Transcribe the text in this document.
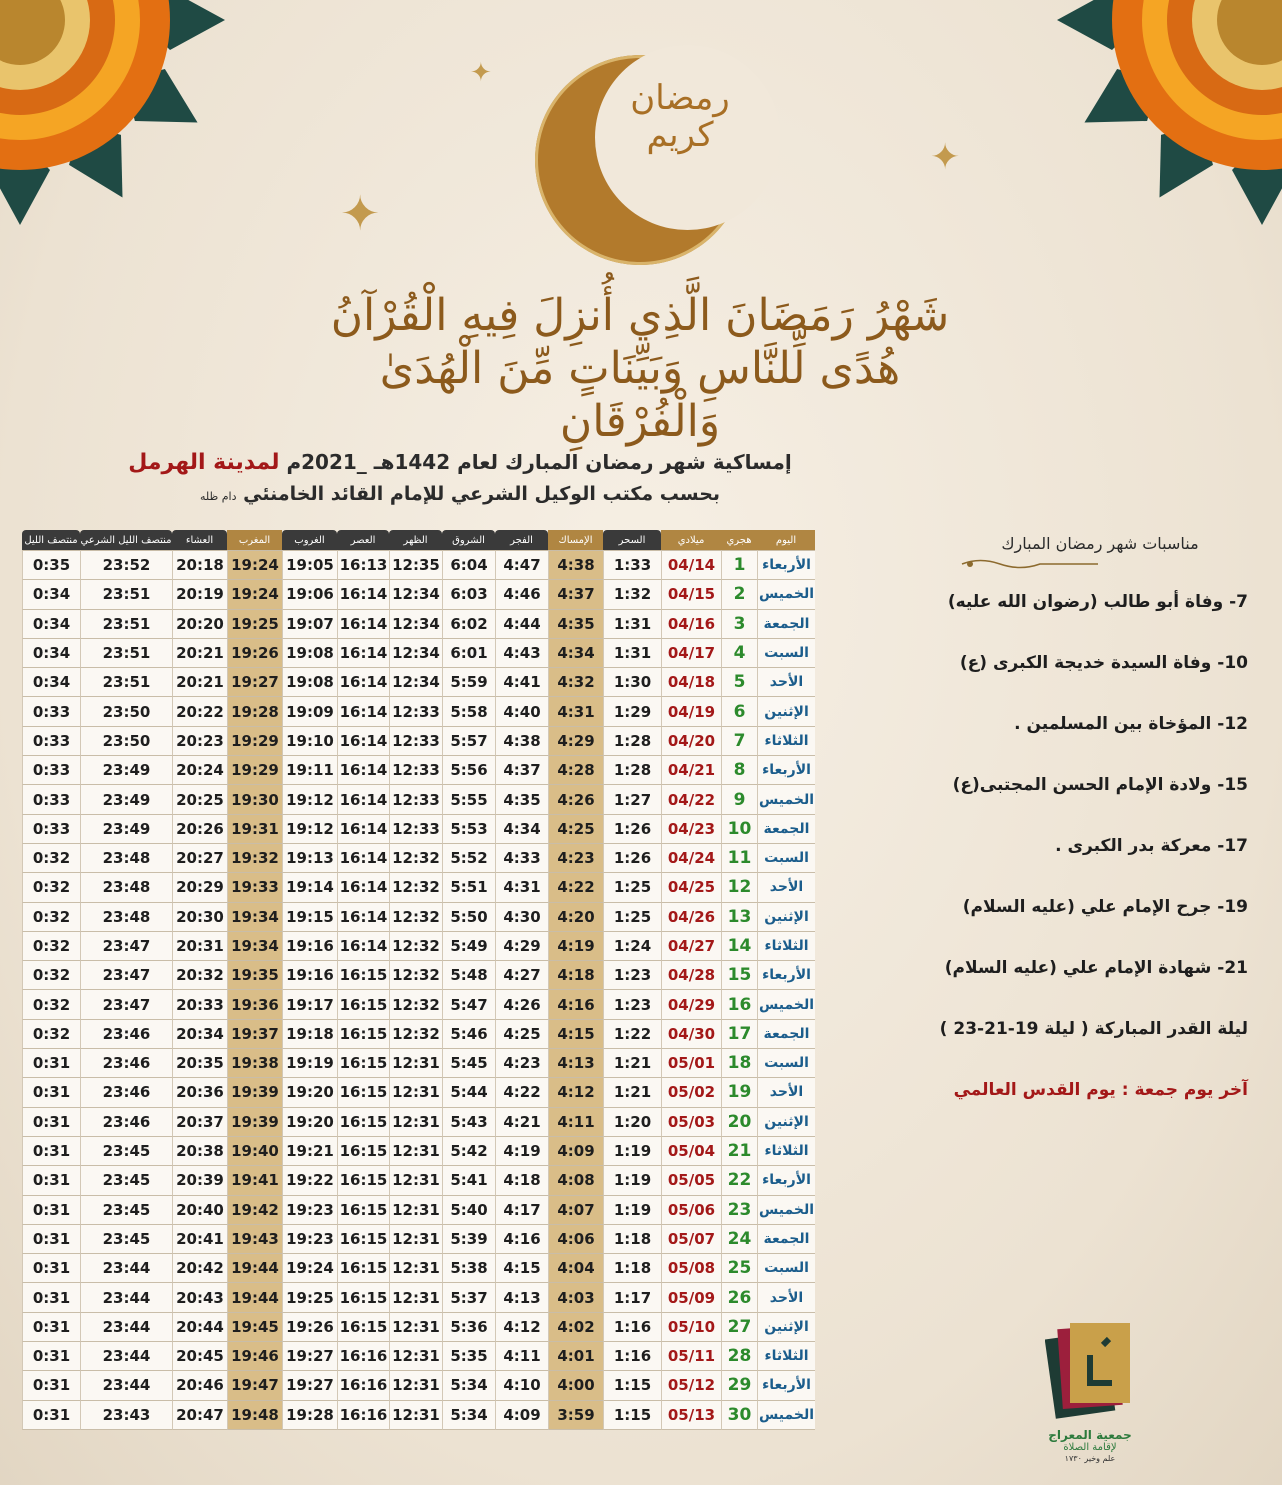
رمضان كريم
✦
✦
✦
شَهْرُ رَمَضَانَ الَّذِي أُنزِلَ فِيهِ الْقُرْآنُ هُدًى لِّلنَّاسِ وَبَيِّنَاتٍ مِّنَ الْهُدَىٰ وَالْفُرْقَانِ
إمساكية شهر رمضان المبارك لعام 1442هـ _2021م لمدينة الهرمل
بحسب مكتب الوكيل الشرعي للإمام القائد الخامنئي دام ظله
اليوم	هجري	ميلادي	السحر	الإمساك	الفجر	الشروق	الظهر	العصر	الغروب	المغرب	العشاء	منتصف الليل الشرعي	منتصف الليل
الأربعاء	1	04/14	1:33	4:38	4:47	6:04	12:35	16:13	19:05	19:24	20:18	23:52	0:35
الخميس	2	04/15	1:32	4:37	4:46	6:03	12:34	16:14	19:06	19:24	20:19	23:51	0:34
الجمعة	3	04/16	1:31	4:35	4:44	6:02	12:34	16:14	19:07	19:25	20:20	23:51	0:34
السبت	4	04/17	1:31	4:34	4:43	6:01	12:34	16:14	19:08	19:26	20:21	23:51	0:34
الأحد	5	04/18	1:30	4:32	4:41	5:59	12:34	16:14	19:08	19:27	20:21	23:51	0:34
الإثنين	6	04/19	1:29	4:31	4:40	5:58	12:33	16:14	19:09	19:28	20:22	23:50	0:33
الثلاثاء	7	04/20	1:28	4:29	4:38	5:57	12:33	16:14	19:10	19:29	20:23	23:50	0:33
الأربعاء	8	04/21	1:28	4:28	4:37	5:56	12:33	16:14	19:11	19:29	20:24	23:49	0:33
الخميس	9	04/22	1:27	4:26	4:35	5:55	12:33	16:14	19:12	19:30	20:25	23:49	0:33
الجمعة	10	04/23	1:26	4:25	4:34	5:53	12:33	16:14	19:12	19:31	20:26	23:49	0:33
السبت	11	04/24	1:26	4:23	4:33	5:52	12:32	16:14	19:13	19:32	20:27	23:48	0:32
الأحد	12	04/25	1:25	4:22	4:31	5:51	12:32	16:14	19:14	19:33	20:29	23:48	0:32
الإثنين	13	04/26	1:25	4:20	4:30	5:50	12:32	16:14	19:15	19:34	20:30	23:48	0:32
الثلاثاء	14	04/27	1:24	4:19	4:29	5:49	12:32	16:14	19:16	19:34	20:31	23:47	0:32
الأربعاء	15	04/28	1:23	4:18	4:27	5:48	12:32	16:15	19:16	19:35	20:32	23:47	0:32
الخميس	16	04/29	1:23	4:16	4:26	5:47	12:32	16:15	19:17	19:36	20:33	23:47	0:32
الجمعة	17	04/30	1:22	4:15	4:25	5:46	12:32	16:15	19:18	19:37	20:34	23:46	0:32
السبت	18	05/01	1:21	4:13	4:23	5:45	12:31	16:15	19:19	19:38	20:35	23:46	0:31
الأحد	19	05/02	1:21	4:12	4:22	5:44	12:31	16:15	19:20	19:39	20:36	23:46	0:31
الإثنين	20	05/03	1:20	4:11	4:21	5:43	12:31	16:15	19:20	19:39	20:37	23:46	0:31
الثلاثاء	21	05/04	1:19	4:09	4:19	5:42	12:31	16:15	19:21	19:40	20:38	23:45	0:31
الأربعاء	22	05/05	1:19	4:08	4:18	5:41	12:31	16:15	19:22	19:41	20:39	23:45	0:31
الخميس	23	05/06	1:19	4:07	4:17	5:40	12:31	16:15	19:23	19:42	20:40	23:45	0:31
الجمعة	24	05/07	1:18	4:06	4:16	5:39	12:31	16:15	19:23	19:43	20:41	23:45	0:31
السبت	25	05/08	1:18	4:04	4:15	5:38	12:31	16:15	19:24	19:44	20:42	23:44	0:31
الأحد	26	05/09	1:17	4:03	4:13	5:37	12:31	16:15	19:25	19:44	20:43	23:44	0:31
الإثنين	27	05/10	1:16	4:02	4:12	5:36	12:31	16:15	19:26	19:45	20:44	23:44	0:31
الثلاثاء	28	05/11	1:16	4:01	4:11	5:35	12:31	16:16	19:27	19:46	20:45	23:44	0:31
الأربعاء	29	05/12	1:15	4:00	4:10	5:34	12:31	16:16	19:27	19:47	20:46	23:44	0:31
الخميس	30	05/13	1:15	3:59	4:09	5:34	12:31	16:16	19:28	19:48	20:47	23:43	0:31
مناسبات شهر رمضان المبارك
7- وفاة أبو طالب (رضوان الله عليه)
10- وفاة السيدة خديجة الكبرى (ع)
12- المؤخاة بين المسلمين .
15- ولادة الإمام الحسن المجتبى(ع)
17- معركة بدر الكبرى .
19- جرح الإمام علي (عليه السلام)
21- شهادة الإمام علي (عليه السلام)
ليلة القدر المباركة ( ليلة 19-21-23 )
آخر يوم جمعة : يوم القدس العالمي
جمعية المعراج
لإقامة الصلاة
علم وخير ١٧٣٠
